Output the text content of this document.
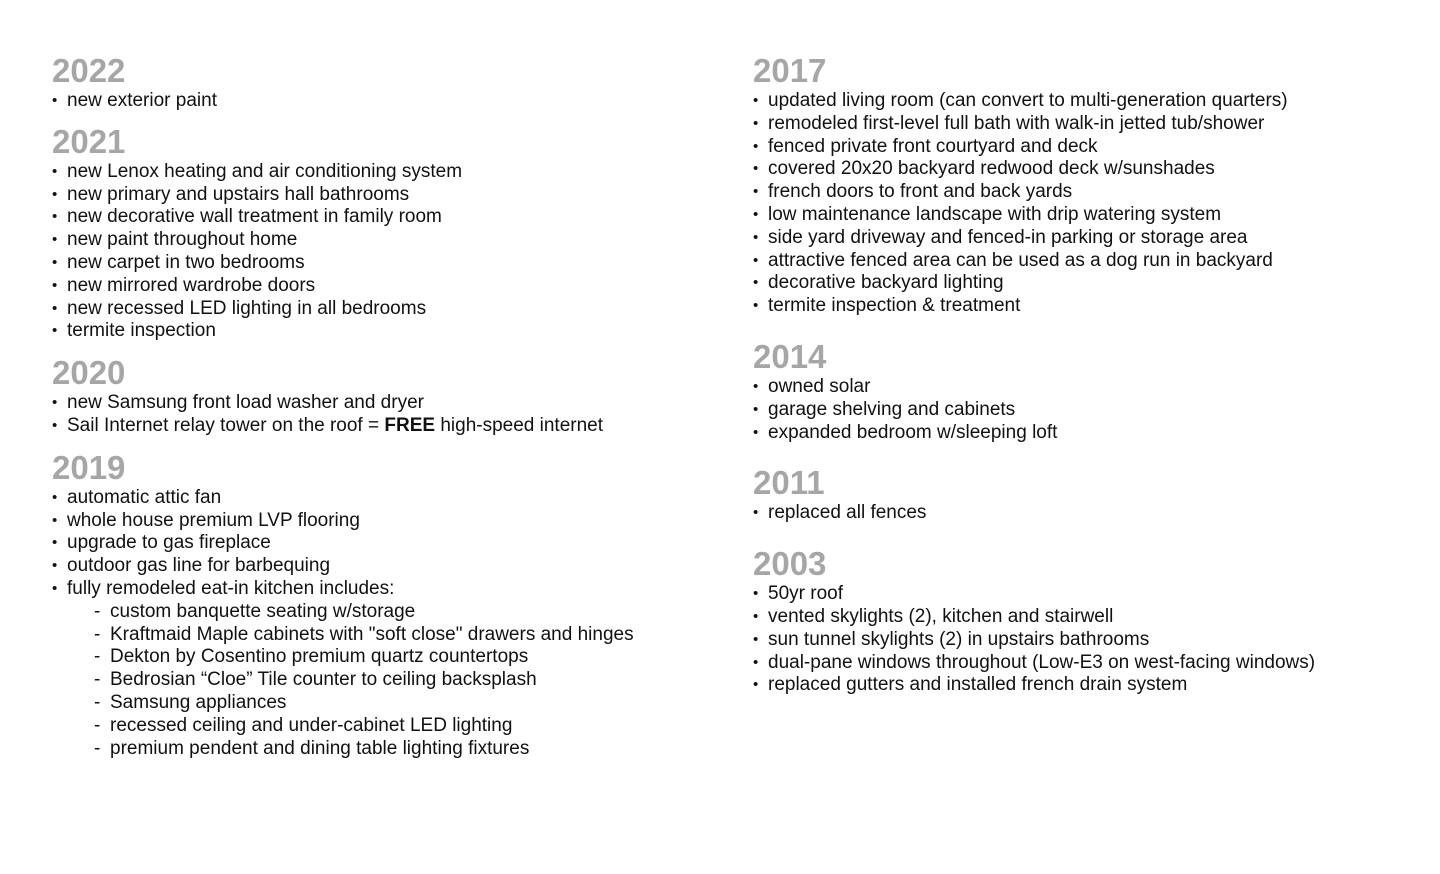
2022
• new exterior paint
2021
• new Lenox heating and air conditioning system
• new primary and upstairs hall bathrooms
• new decorative wall treatment in family room
• new paint throughout home
• new carpet in two bedrooms
• new mirrored wardrobe doors
• new recessed LED lighting in all bedrooms
• termite inspection
2020
• new Samsung front load washer and dryer
• Sail Internet relay tower on the roof = FREE high-speed internet
2019
• automatic attic fan
• whole house premium LVP flooring
• upgrade to gas fireplace
• outdoor gas line for barbequing
• fully remodeled eat-in kitchen includes:
- custom banquette seating w/storage
- Kraftmaid Maple cabinets with "soft close" drawers and hinges
- Dekton by Cosentino premium quartz countertops
- Bedrosian “Cloe” Tile counter to ceiling backsplash
- Samsung appliances
- recessed ceiling and under-cabinet LED lighting
- premium pendent and dining table lighting fixtures
2017
• updated living room (can convert to multi-generation quarters)
• remodeled first-level full bath with walk-in jetted tub/shower
• fenced private front courtyard and deck
• covered 20x20 backyard redwood deck w/sunshades
• french doors to front and back yards
• low maintenance landscape with drip watering system
• side yard driveway and fenced-in parking or storage area
• attractive fenced area can be used as a dog run in backyard
• decorative backyard lighting
• termite inspection & treatment
2014
• owned solar
• garage shelving and cabinets
• expanded bedroom w/sleeping loft
2011
• replaced all fences
2003
• 50yr roof
• vented skylights (2), kitchen and stairwell
• sun tunnel skylights (2) in upstairs bathrooms
• dual-pane windows throughout (Low-E3 on west-facing windows)
• replaced gutters and installed french drain system
